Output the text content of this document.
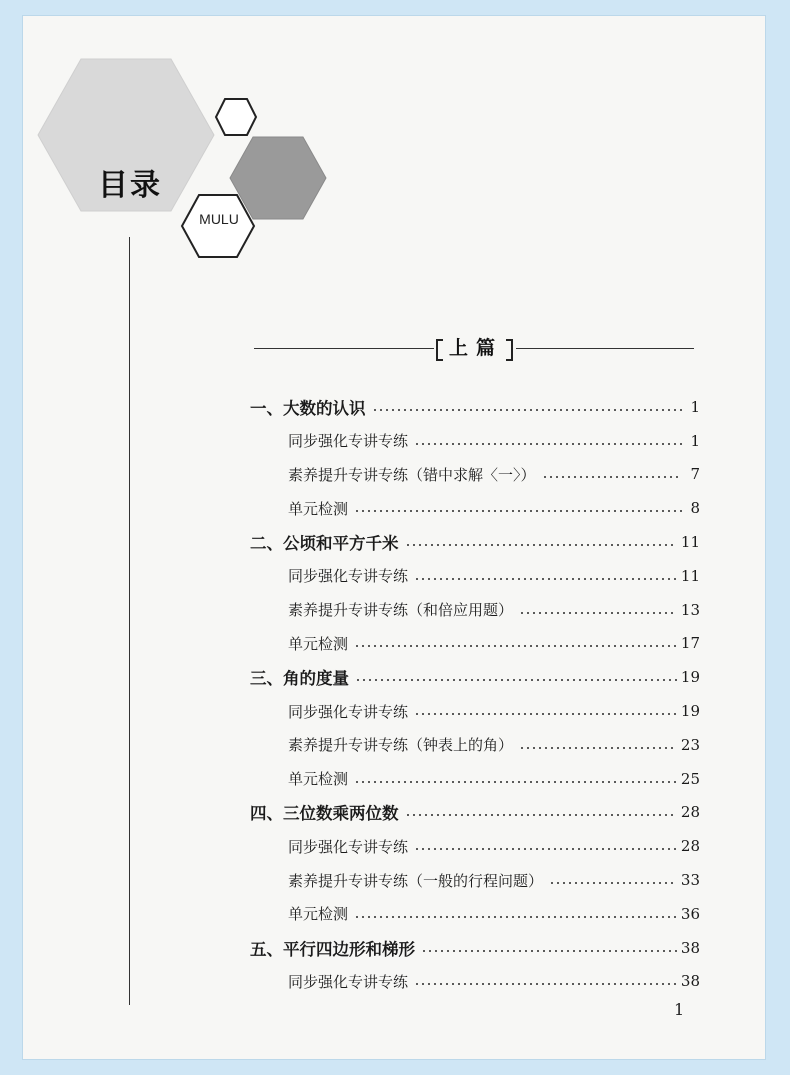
目录
MULU
上篇
一、大数的认识	1
同步强化专讲专练	1
素养提升专讲专练（错中求解〈一〉）	7
单元检测	8
二、公顷和平方千米	11
同步强化专讲专练	11
素养提升专讲专练（和倍应用题）	13
单元检测	17
三、角的度量	19
同步强化专讲专练	19
素养提升专讲专练（钟表上的角）	23
单元检测	25
四、三位数乘两位数	28
同步强化专讲专练	28
素养提升专讲专练（一般的行程问题）	33
单元检测	36
五、平行四边形和梯形	38
同步强化专讲专练	38
1
